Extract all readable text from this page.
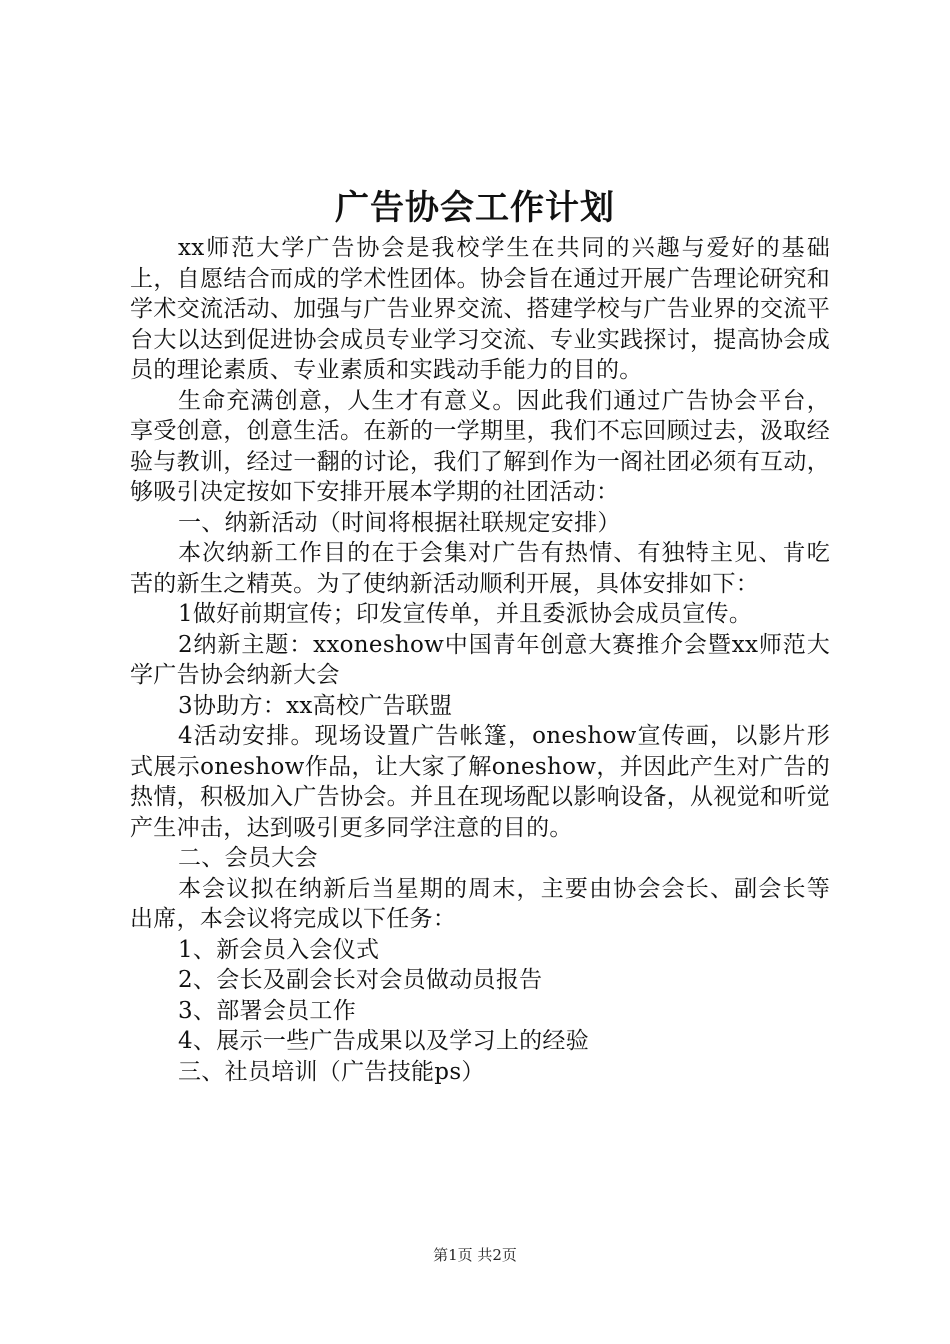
广告协会工作计划

xx师范大学广告协会是我校学生在共同的兴趣与爱好的基础上，自愿结合而成的学术性团体。协会旨在通过开展广告理论研究和学术交流活动、加强与广告业界交流、搭建学校与广告业界的交流平台大以达到促进协会成员专业学习交流、专业实践探讨，提高协会成员的理论素质、专业素质和实践动手能力的目的。

生命充满创意，人生才有意义。因此我们通过广告协会平台，享受创意，创意生活。在新的一学期里，我们不忘回顾过去，汲取经验与教训，经过一翻的讨论，我们了解到作为一阁社团必须有互动，够吸引决定按如下安排开展本学期的社团活动：

一、纳新活动（时间将根据社联规定安排）

本次纳新工作目的在于会集对广告有热情、有独特主见、肯吃苦的新生之精英。为了使纳新活动顺利开展，具体安排如下：

1做好前期宣传；印发宣传单，并且委派协会成员宣传。

2纳新主题：xxoneshow中国青年创意大赛推介会暨xx师范大学广告协会纳新大会

3协助方：xx高校广告联盟

4活动安排。现场设置广告帐篷，oneshow宣传画，以影片形式展示oneshow作品，让大家了解oneshow，并因此产生对广告的热情，积极加入广告协会。并且在现场配以影响设备，从视觉和听觉产生冲击，达到吸引更多同学注意的目的。

二、会员大会

本会议拟在纳新后当星期的周末，主要由协会会长、副会长等出席，本会议将完成以下任务：

1、新会员入会仪式

2、会长及副会长对会员做动员报告

3、部署会员工作

4、展示一些广告成果以及学习上的经验

三、社员培训（广告技能ps）

第1页 共2页
